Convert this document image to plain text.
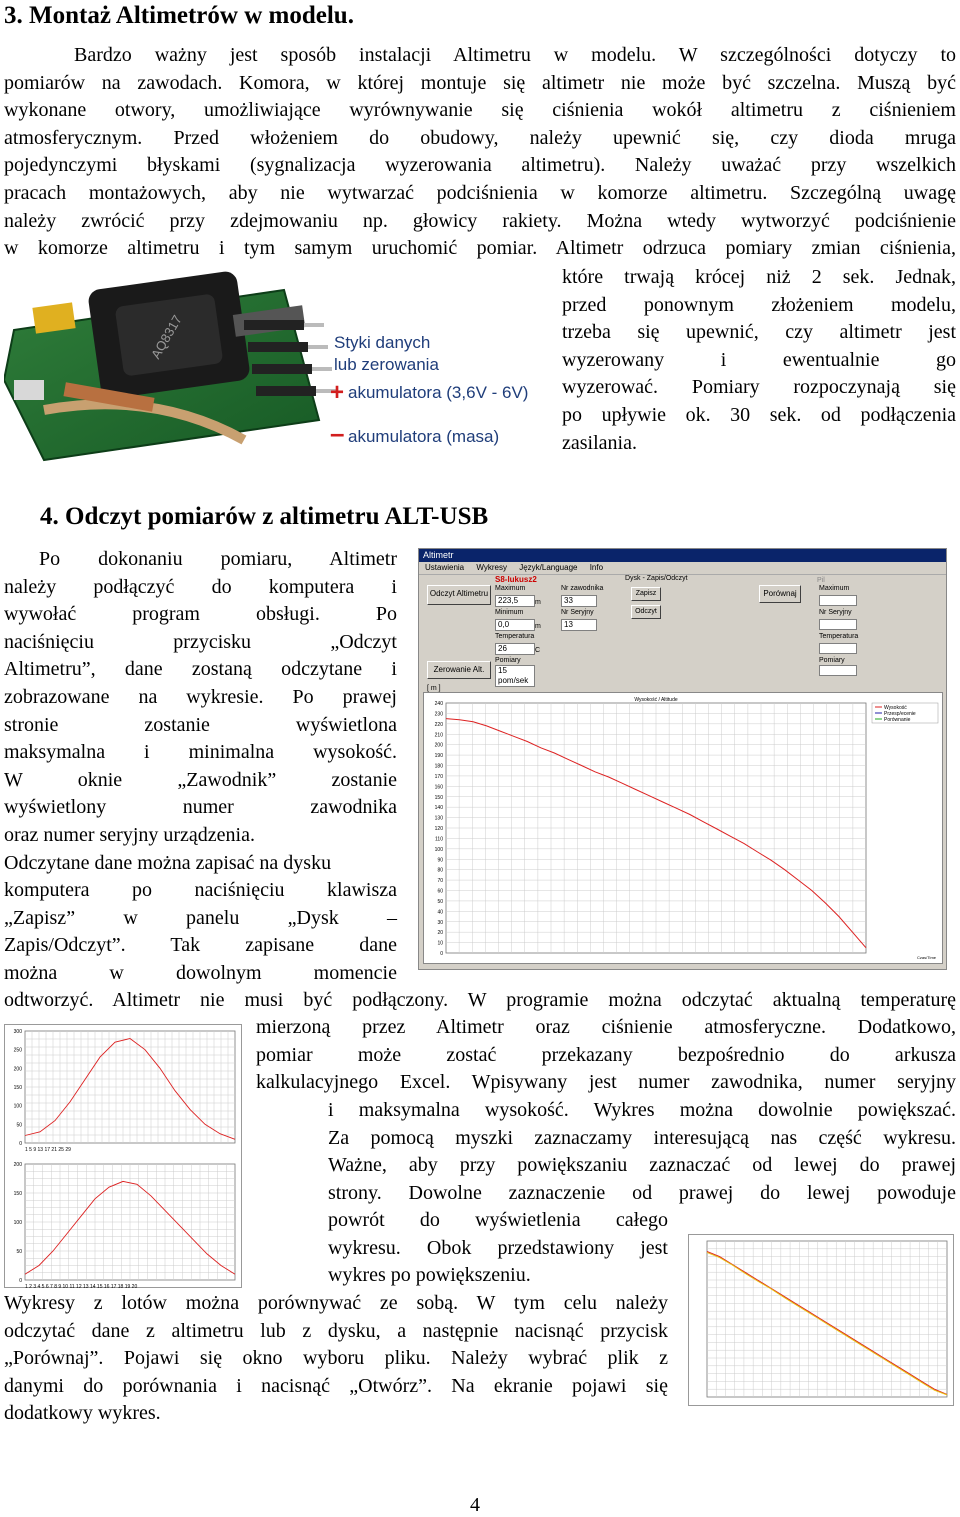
3. Montaż Altimetrów w modelu.
Bardzo ważny jest sposób instalacji Altimetru w modelu. W szczególności dotyczy to
pomiarów na zawodach. Komora, w której montuje się altimetr nie może być szczelna. Muszą być
wykonane otwory, umożliwiające wyrównywanie się ciśnienia wokół altimetru z ciśnieniem
atmosferycznym. Przed włożeniem do obudowy, należy upewnić się, czy dioda mruga
pojedynczymi błyskami (sygnalizacja wyzerowania altimetru). Należy uważać przy wszelkich
pracach montażowych, aby nie wytwarzać podciśnienia w komorze altimetru. Szczególną uwagę
należy zwrócić przy zdejmowaniu np. głowicy rakiety. Można wtedy wytworzyć podciśnienie
w komorze altimetru i tym samym uruchomić pomiar. Altimetr odrzuca pomiary zmian ciśnienia,
które trwają krócej niż 2 sek. Jednak,
przed ponownym złożeniem modelu,
trzeba się upewnić, czy altimetr jest
wyzerowany i ewentualnie go
wyzerować. Pomiary rozpoczynają się
po upływie ok. 30 sek. od podłączenia
zasilania.
AQ8317	Styki danych
lub zerowania
+ akumulatora (3,6V - 6V)
– akumulatora (masa)
4. Odczyt pomiarów z altimetru ALT-USB
Po dokonaniu pomiaru, Altimetr
należy podłączyć do komputera i
wywołać program obsługi. Po
naciśnięciu przycisku „Odczyt
Altimetru”, dane zostaną odczytane i
zobrazowane na wykresie. Po prawej
stronie zostanie wyświetlona
maksymalna i minimalna wysokość.
W oknie „Zawodnik” zostanie
wyświetlony numer zawodnika
oraz numer seryjny urządzenia.
Odczytane dane można zapisać na dysku
komputera po naciśnięciu klawisza
„Zapisz” w panelu „Dysk –
Zapis/Odczyt”. Tak zapisane dane
można w dowolnym momencie
odtworzyć. Altimetr nie musi być podłączony. W programie można odczytać aktualną temperaturę
mierzoną przez Altimetr oraz ciśnienie atmosferyczne. Dodatkowo,
pomiar może zostać przekazany bezpośrednio do arkusza
kalkulacyjnego Excel. Wpisywany jest numer zawodnika, numer seryjny
i maksymalna wysokość. Wykres można dowolnie powiększać.
Za pomocą myszki zaznaczamy interesującą nas część wykresu.
Ważne, aby przy powiększaniu zaznaczać od lewej do prawej
strony. Dowolne zaznaczenie od prawej do lewej powoduje
powrót do wyświetlenia całego
wykresu. Obok przedstawiony jest
wykres po powiększeniu.
Wykresy z lotów można porównywać ze sobą. W tym celu należy
odczytać dane z altimetru lub z dysku, a następnie nacisnąć przycisk
„Porównaj”. Pojawi się okno wyboru pliku. Należy wybrać plik z
danymi do porównania i nacisnąć „Otwórz”. Na ekranie pojawi się
dodatkowy wykres.
Altimetr
Ustawienia Wykresy Język/Language Info
Odczyt Altimetru
Zerowanie Alt.
S8-lukusz2
Maximum
223,5	m
Minimum
0,0	m
Temperatura
26	C
Pomiary
15 pom/sek
Nr zawodnika
33
Nr Seryjny
13
Dysk - Zapis/Odczyt
Zapisz
Odczyt
Porównaj
Pil
Maximum
Nr Seryjny
Temperatura
Pomiary
[ m ]
240
230
220
210
200
190
180
170
160
150
140
130
120
110
100
90
80
70
60
50
40
30
20
10
0
Wysokość / Altitude
Wysokość
Przesp/ecenie
Porównanie
Czas/Time
300
250
200
150
100
50
0
1 5 9 13 17 21 25 29

200
150
100
50
0
1 2 3 4 5 6 7 8 9 10 11 12 13 14 15 16 17 18 19 20
4
